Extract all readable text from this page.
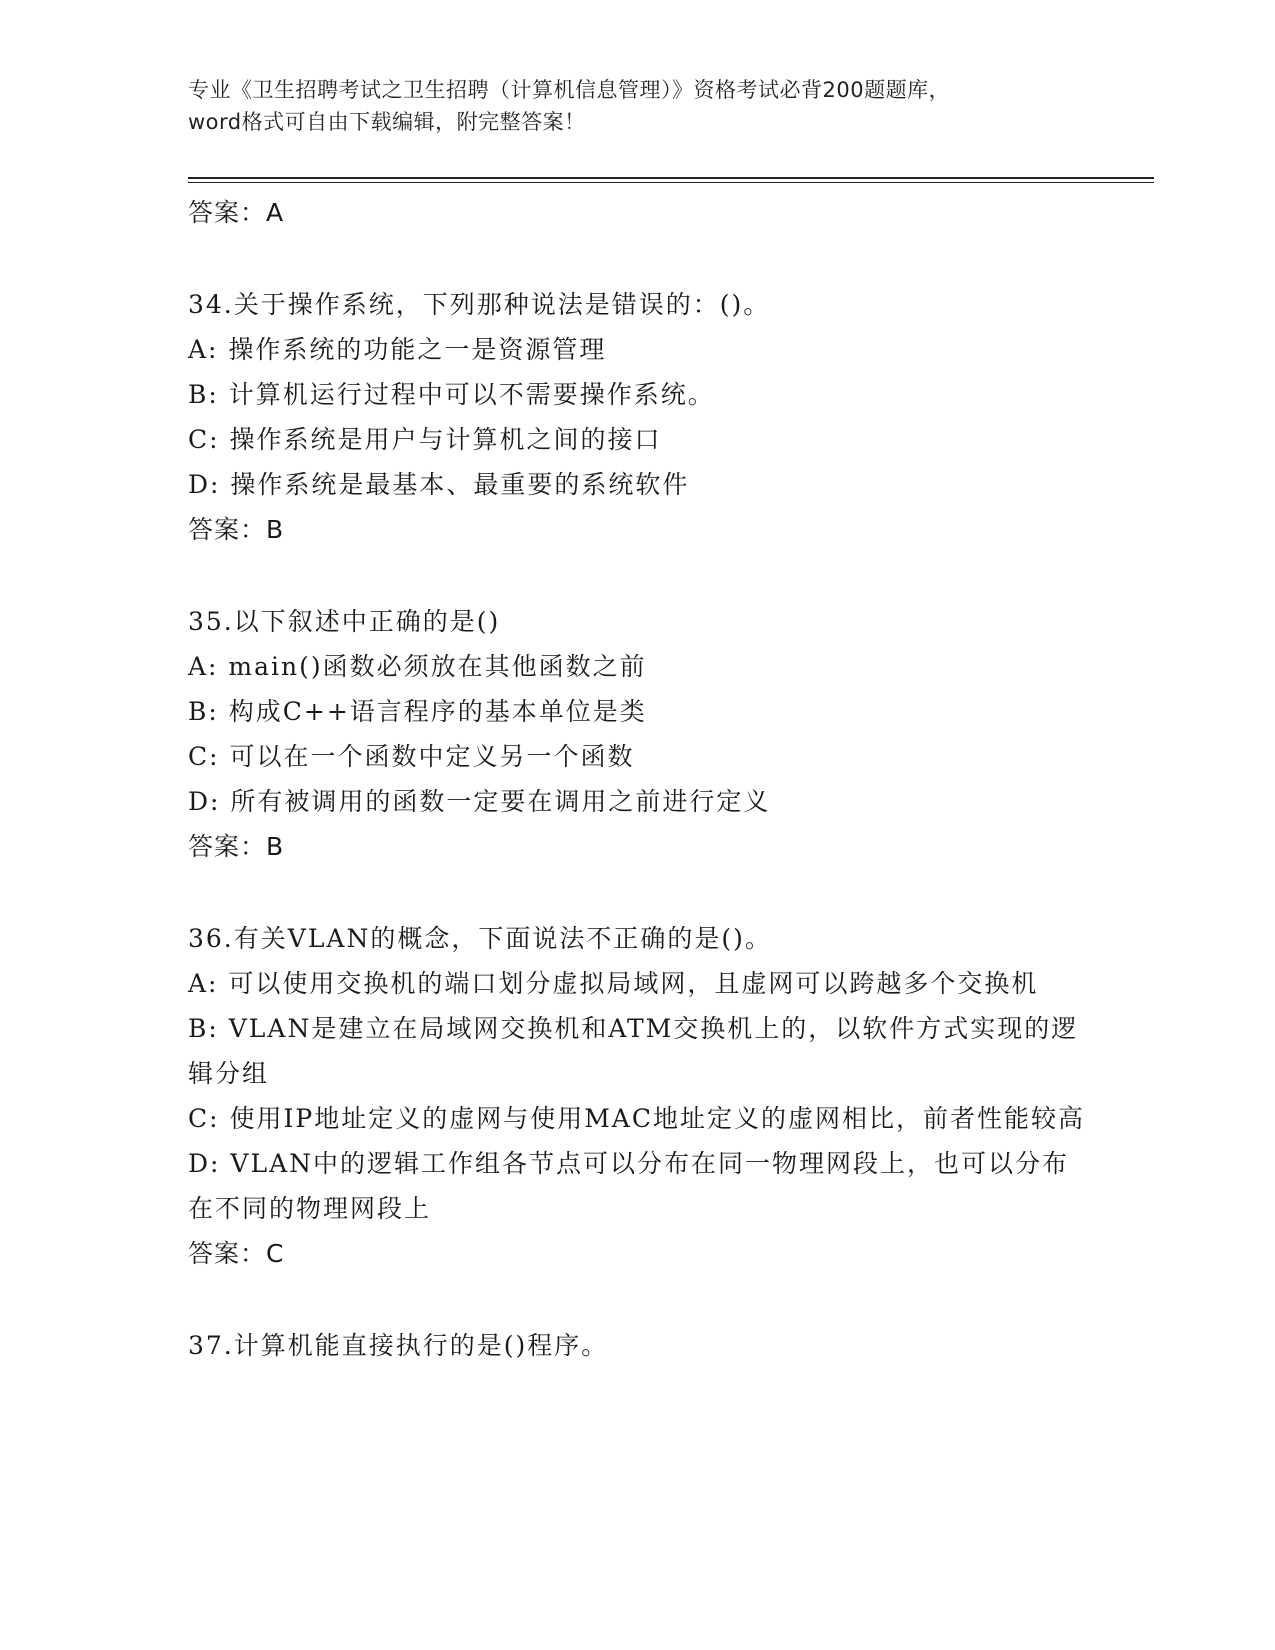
专业《卫生招聘考试之卫生招聘（计算机信息管理）》资格考试必背200题题库，
word格式可自由下载编辑，附完整答案！
答案：A
34.关于操作系统，下列那种说法是错误的：()。
A: 操作系统的功能之一是资源管理
B: 计算机运行过程中可以不需要操作系统。
C: 操作系统是用户与计算机之间的接口
D: 操作系统是最基本、最重要的系统软件
答案：B
35.以下叙述中正确的是()
A: main()函数必须放在其他函数之前
B: 构成C++语言程序的基本单位是类
C: 可以在一个函数中定义另一个函数
D: 所有被调用的函数一定要在调用之前进行定义
答案：B
36.有关VLAN的概念，下面说法不正确的是()。
A: 可以使用交换机的端口划分虚拟局域网，且虚网可以跨越多个交换机
B: VLAN是建立在局域网交换机和ATM交换机上的，以软件方式实现的逻辑分组
C: 使用IP地址定义的虚网与使用MAC地址定义的虚网相比，前者性能较高
D: VLAN中的逻辑工作组各节点可以分布在同一物理网段上，也可以分布在不同的物理网段上
答案：C
37.计算机能直接执行的是()程序。
